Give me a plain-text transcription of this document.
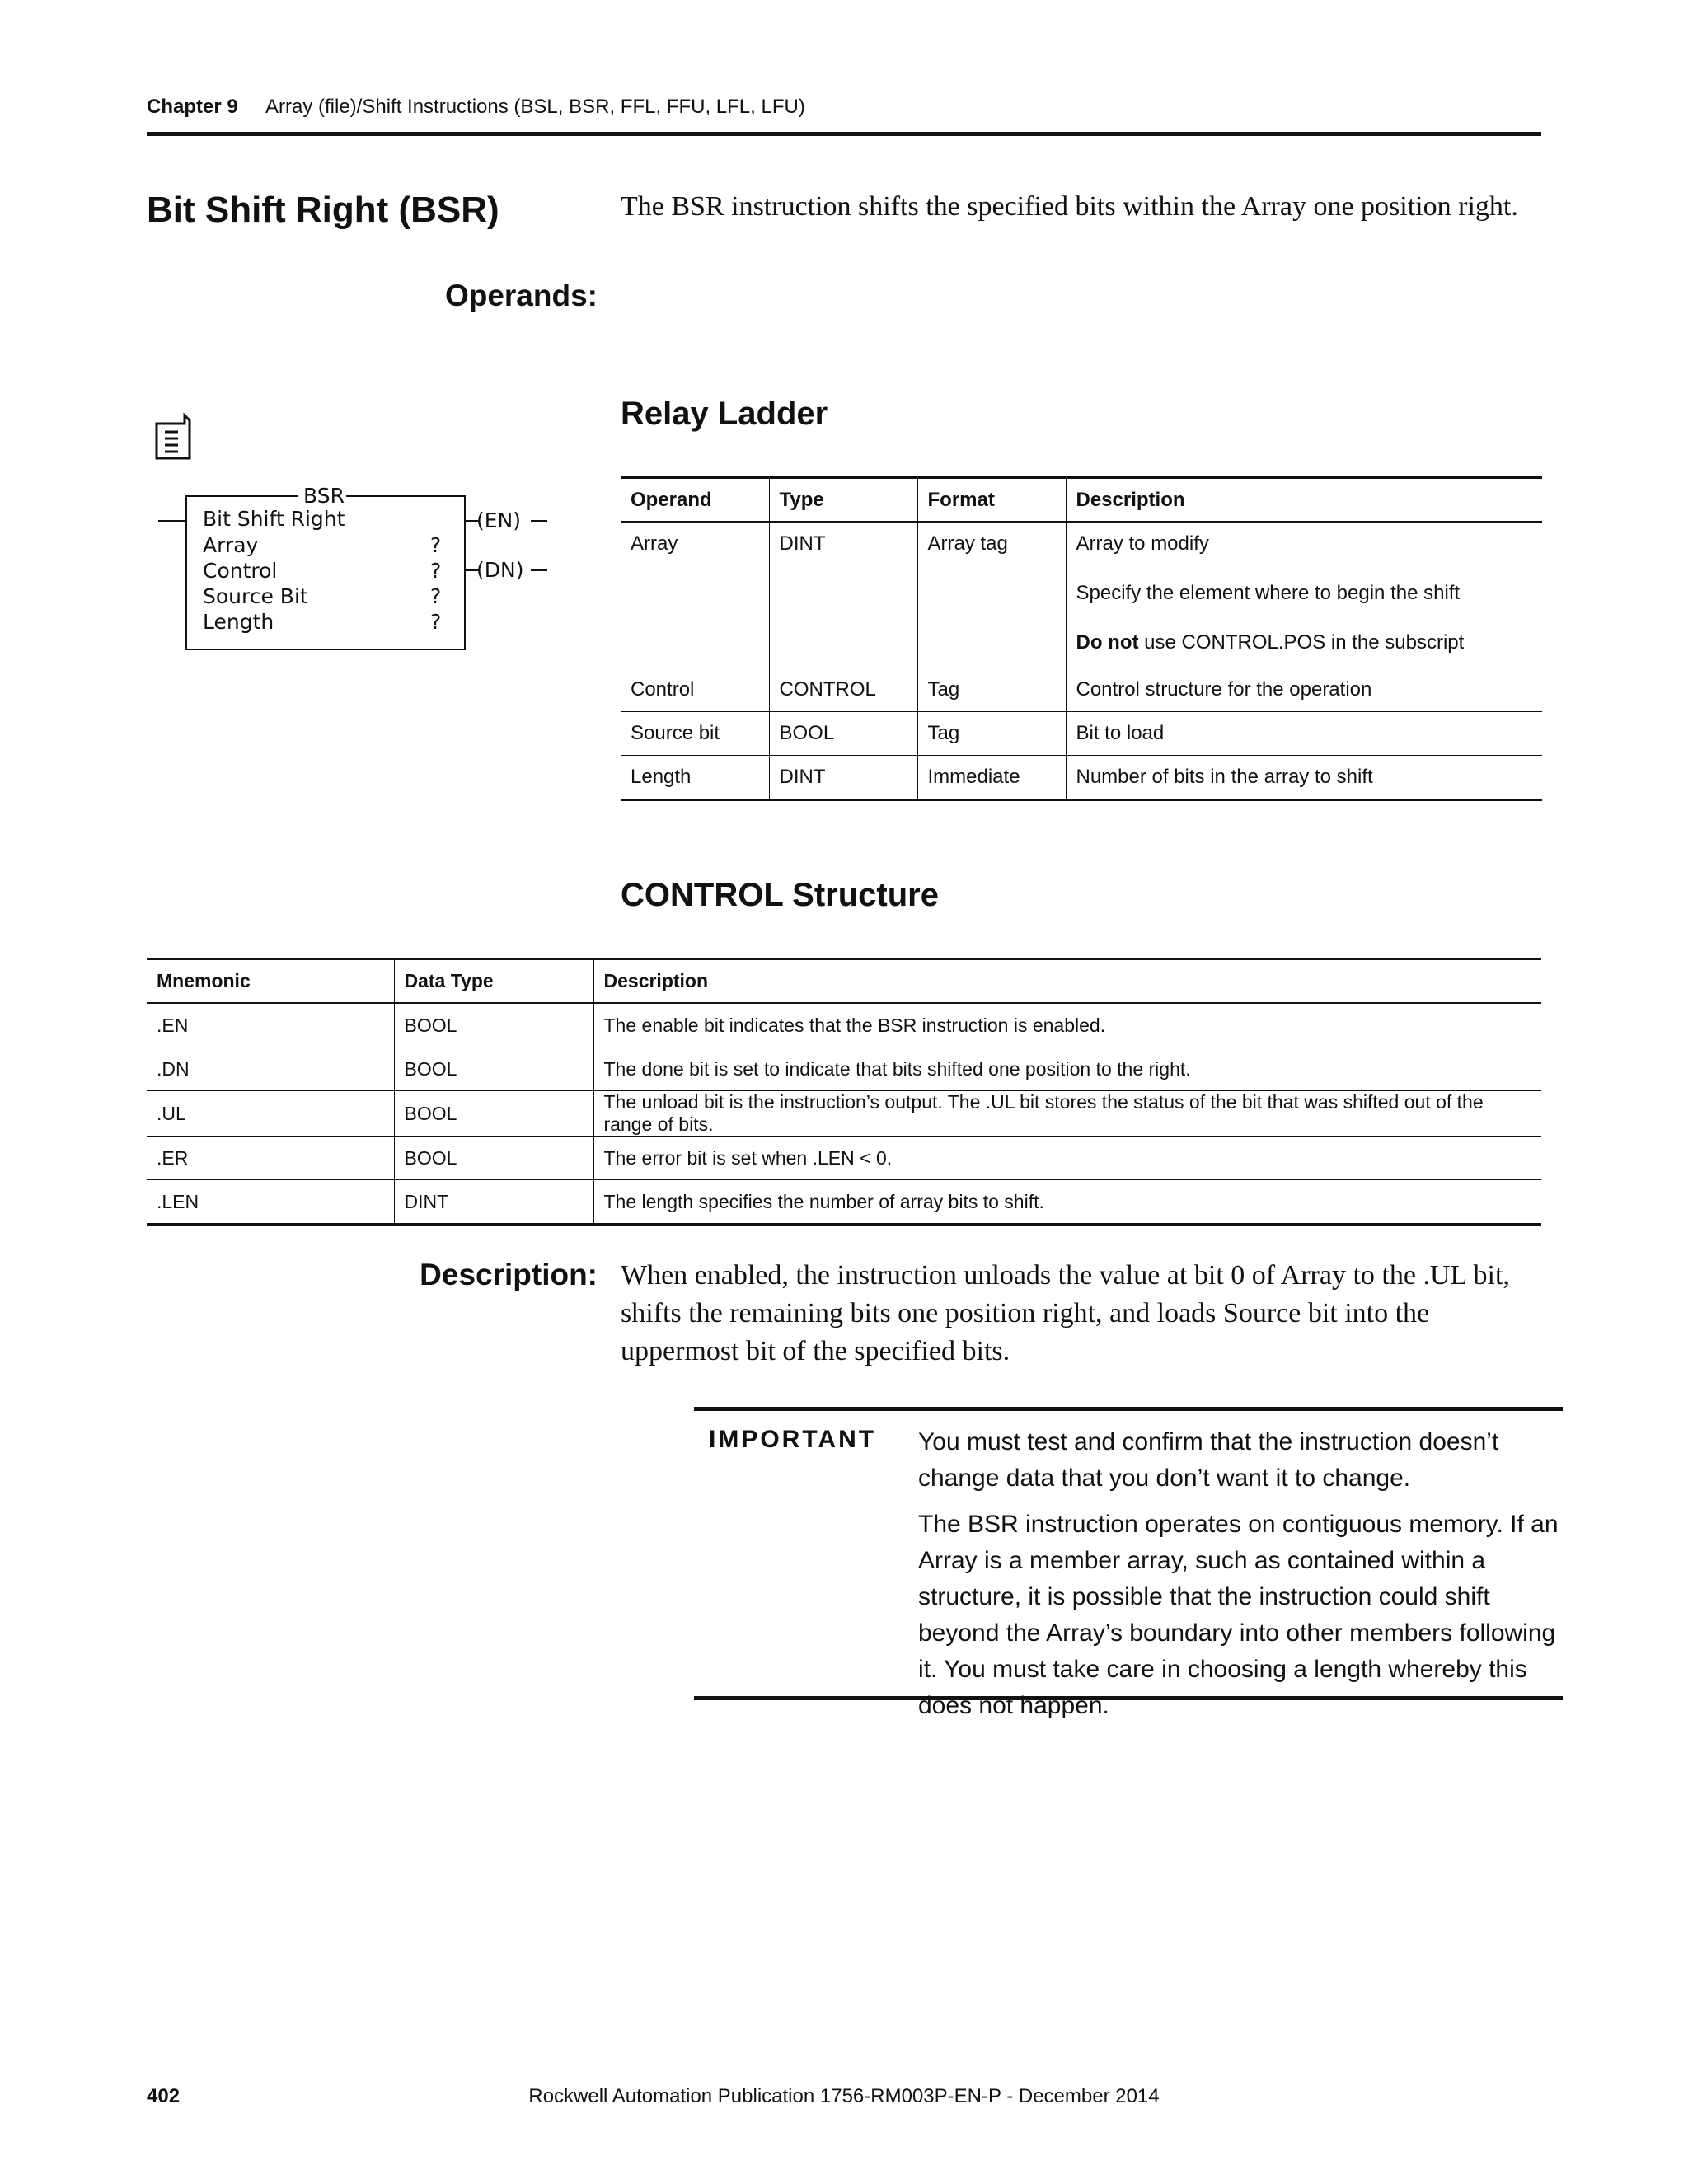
Chapter 9 Array (file)/Shift Instructions (BSL, BSR, FFL, FFU, LFL, LFU)
Bit Shift Right (BSR)	The BSR instruction shifts the specified bits within the Array one position right.
Operands:
Relay Ladder
BSR
Bit Shift Right
Array
Control
Source Bit
Length
?
?
?
?
(EN)
(DN)
Operand	Type	Format	Description

Array	DINT	Array tag	Array to modify
Specify the element where to begin the shift
Do not use CONTROL.POS in the subscript

Control	CONTROL	Tag	Control structure for the operation
Source bit	BOOL	Tag	Bit to load
Length	DINT	Immediate	Number of bits in the array to shift
CONTROL Structure
Mnemonic	Data Type	Description
.EN	BOOL	The enable bit indicates that the BSR instruction is enabled.
.DN	BOOL	The done bit is set to indicate that bits shifted one position to the right.
.UL	BOOL	The unload bit is the instruction’s output. The .UL bit stores the status of the bit that was shifted out of the range of bits.
.ER	BOOL	The error bit is set when .LEN < 0.
.LEN	DINT	The length specifies the number of array bits to shift.
Description: When enabled, the instruction unloads the value at bit 0 of Array to the .UL bit, shifts the remaining bits one position right, and loads Source bit into the uppermost bit of the specified bits.
IMPORTANT You must test and confirm that the instruction doesn’t change data that you don’t want it to change.

The BSR instruction operates on contiguous memory. If an Array is a member array, such as contained within a structure, it is possible that the instruction could shift beyond the Array’s boundary into other members following it. You must take care in choosing a length whereby this does not happen.

402	Rockwell Automation Publication 1756-RM003P-EN-P - December 2014
